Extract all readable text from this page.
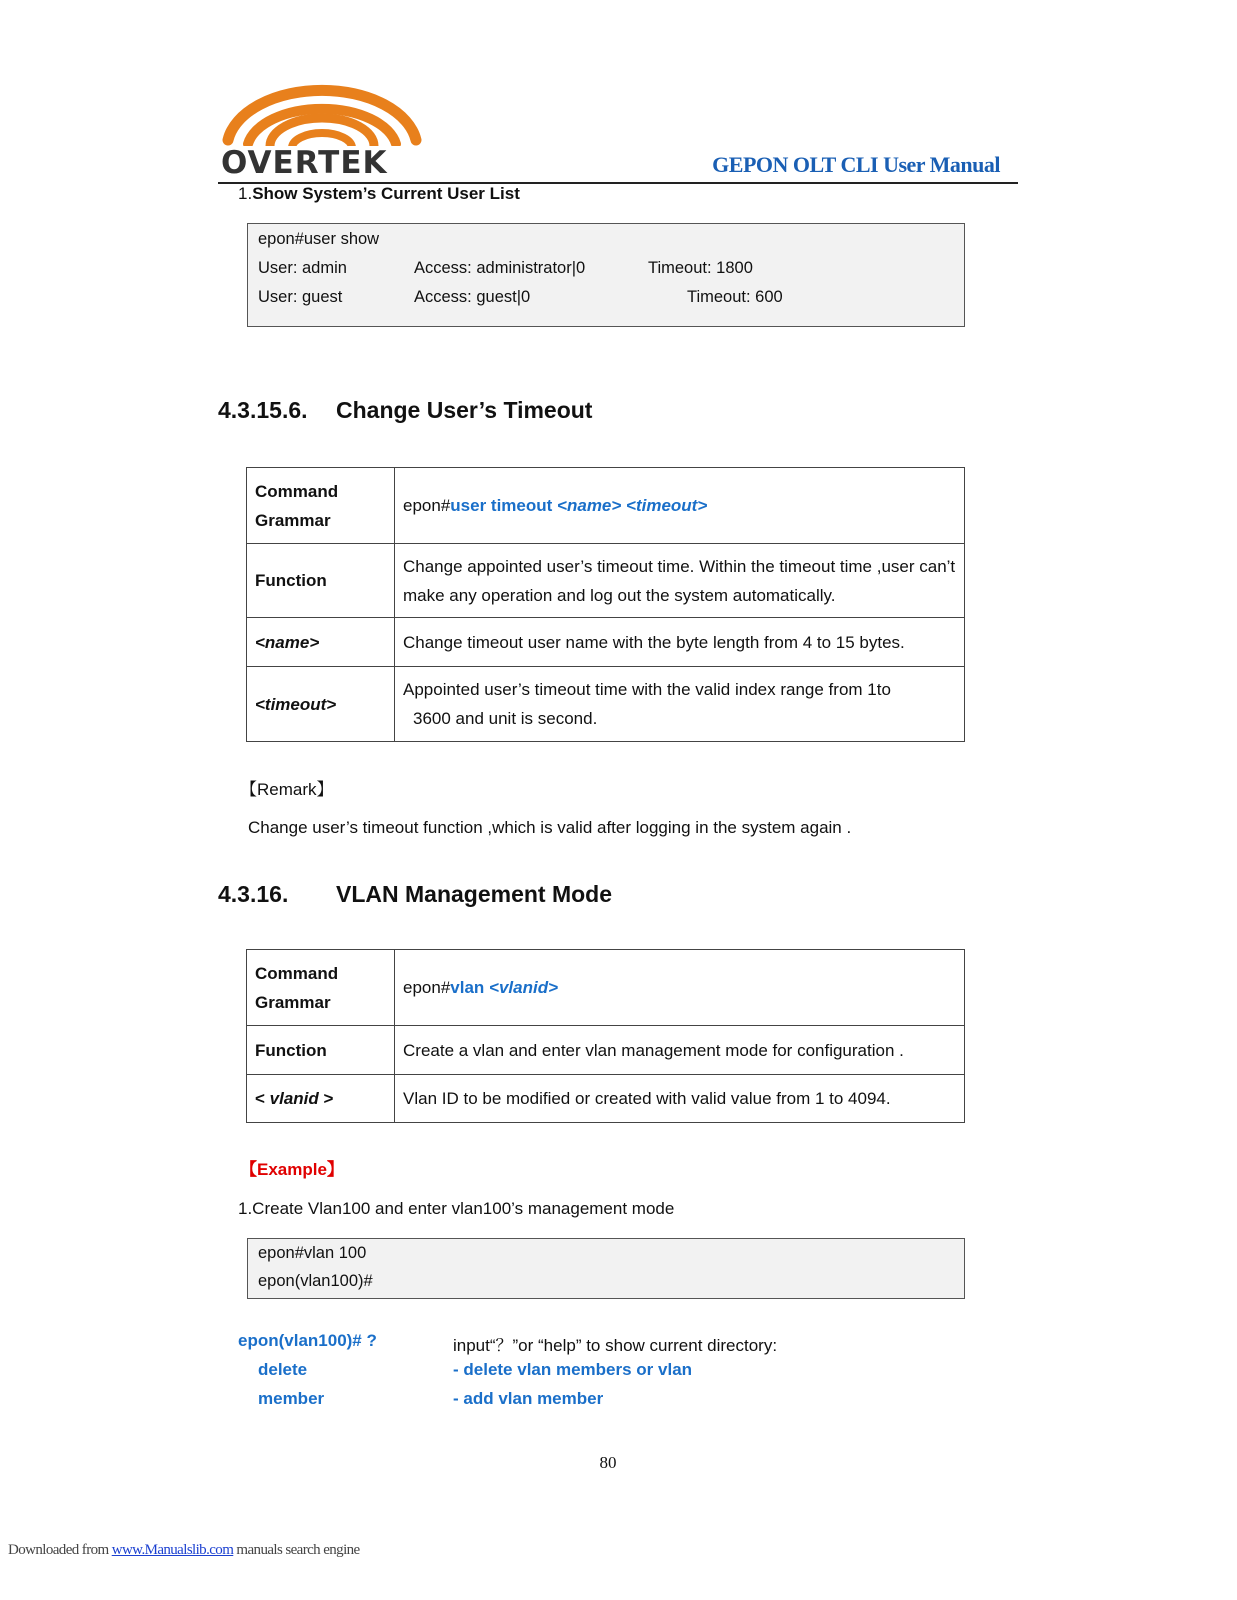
OVERTEK	GEPON OLT CLI User Manual
1.Show System’s Current User List
epon#user show
User: admin	Access: administrator|0	Timeout: 1800
User: guest	Access: guest|0	Timeout: 600
4.3.15.6. Change User’s Timeout
Command
Grammar	epon#user timeout <name> <timeout>
Function	Change appointed user’s timeout time. Within the timeout time ,user can’t make any operation and log out the system automatically.
<name>	Change timeout user name with the byte length from 4 to 15 bytes.
<timeout>	Appointed user’s timeout time with the valid index range from 1to
3600 and unit is second.
【Remark】
Change user’s timeout function ,which is valid after logging in the system again .
4.3.16. VLAN Management Mode
Command
Grammar	epon#vlan <vlanid>
Function	Create a vlan and enter vlan management mode for configuration .
< vlanid >	Vlan ID to be modified or created with valid value from 1 to 4094.
【Example】
1.Create Vlan100 and enter vlan100’s management mode
epon#vlan 100
epon(vlan100)#
epon(vlan100)# ?	input“？”or “help” to show current directory:
delete	- delete vlan members or vlan
member	- add vlan member
80
Downloaded from www.Manualslib.com manuals search engine
